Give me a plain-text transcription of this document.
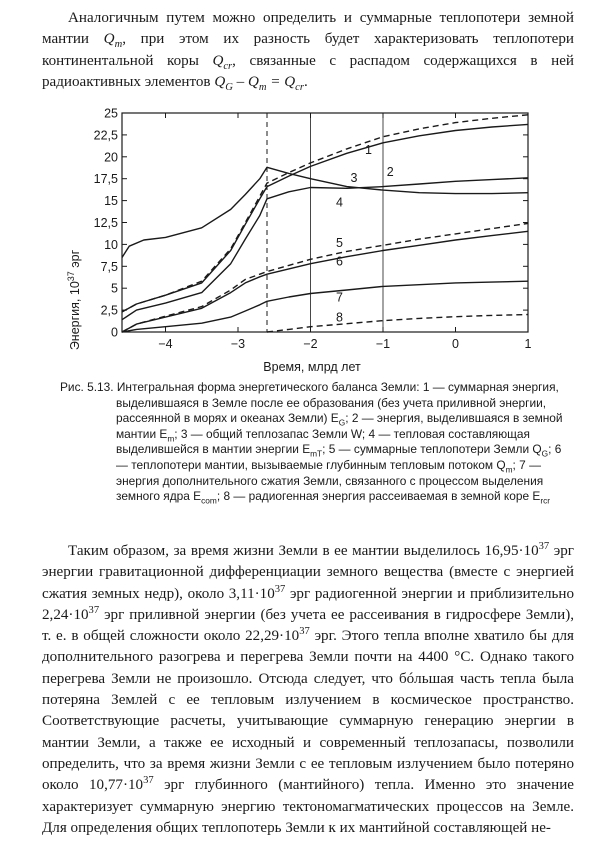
Аналогичным путем можно определить и суммарные теплопотери земной мантии $Q_m$, при этом их разность будет характеризовать теплопотери континентальной коры $Q_{cr}$, связанные с распадом содержащихся в ней радиоактивных элементов $Q_G - Q_m = Q_{cr}$.

0
2,5
5
7,5
10
12,5
15
17,5
20
22,5
25
−4	−3	−2	−1	0	1
1
2
3
4
5
6
7
8
Энергия, $10^{37}$ эрг
Время, млрд лет

Рис. 5.13. Интегральная форма энергетического баланса Земли: 1 — суммарная энергия, выделившаяся в Земле после ее образования (без учета приливной энергии, рассеянной в морях и океанах Земли) $E_G$; 2 — энергия, выделившаяся в земной мантии $E_m$; 3 — общий теплозапас Земли W; 4 — тепловая составляющая выделившейся в мантии энергии $E_{mT}$; 5 — суммарные теплопотери Земли $Q_G$; 6 — теплопотери мантии, вызываемые глубинным тепловым потоком $Q_m$; 7 — энергия дополнительного сжатия Земли, связанного с процессом выделения земного ядра $E_{com}$; 8 — радиогенная энергия рассеиваемая в земной коре $E_{rcr}$

Таким образом, за время жизни Земли в ее мантии выделилось $16,95\cdot 10^{37}$ эрг энергии гравитационной дифференциации земного вещества (вместе с энергией сжатия земных недр), около $3,11\cdot 10^{37}$ эрг радиогенной энергии и приблизительно $2,24\cdot 10^{37}$ эрг приливной энергии (без учета ее рассеивания в гидросфере Земли), т. е. в общей сложности около $22,29\cdot 10^{37}$ эрг. Этого тепла вполне хватило бы для дополнительного разогрева и перегрева Земли почти на 4400 °С. Однако такого перегрева Земли не произошло. Отсюда следует, что бóльшая часть тепла была потеряна Землей с ее тепловым излучением в космическое пространство. Соответствующие расчеты, учитывающие суммарную генерацию энергии в мантии Земли, а также ее исходный и современный теплозапасы, позволили определить, что за время жизни Земли с ее тепловым излучением было потеряно около $10,77\cdot 10^{37}$ эрг глубинного (мантийного) тепла. Именно это значение характеризует суммарную энергию тектономагматических процессов на Земле. Для определения общих теплопотерь Земли к их мантийной составляющей не-
